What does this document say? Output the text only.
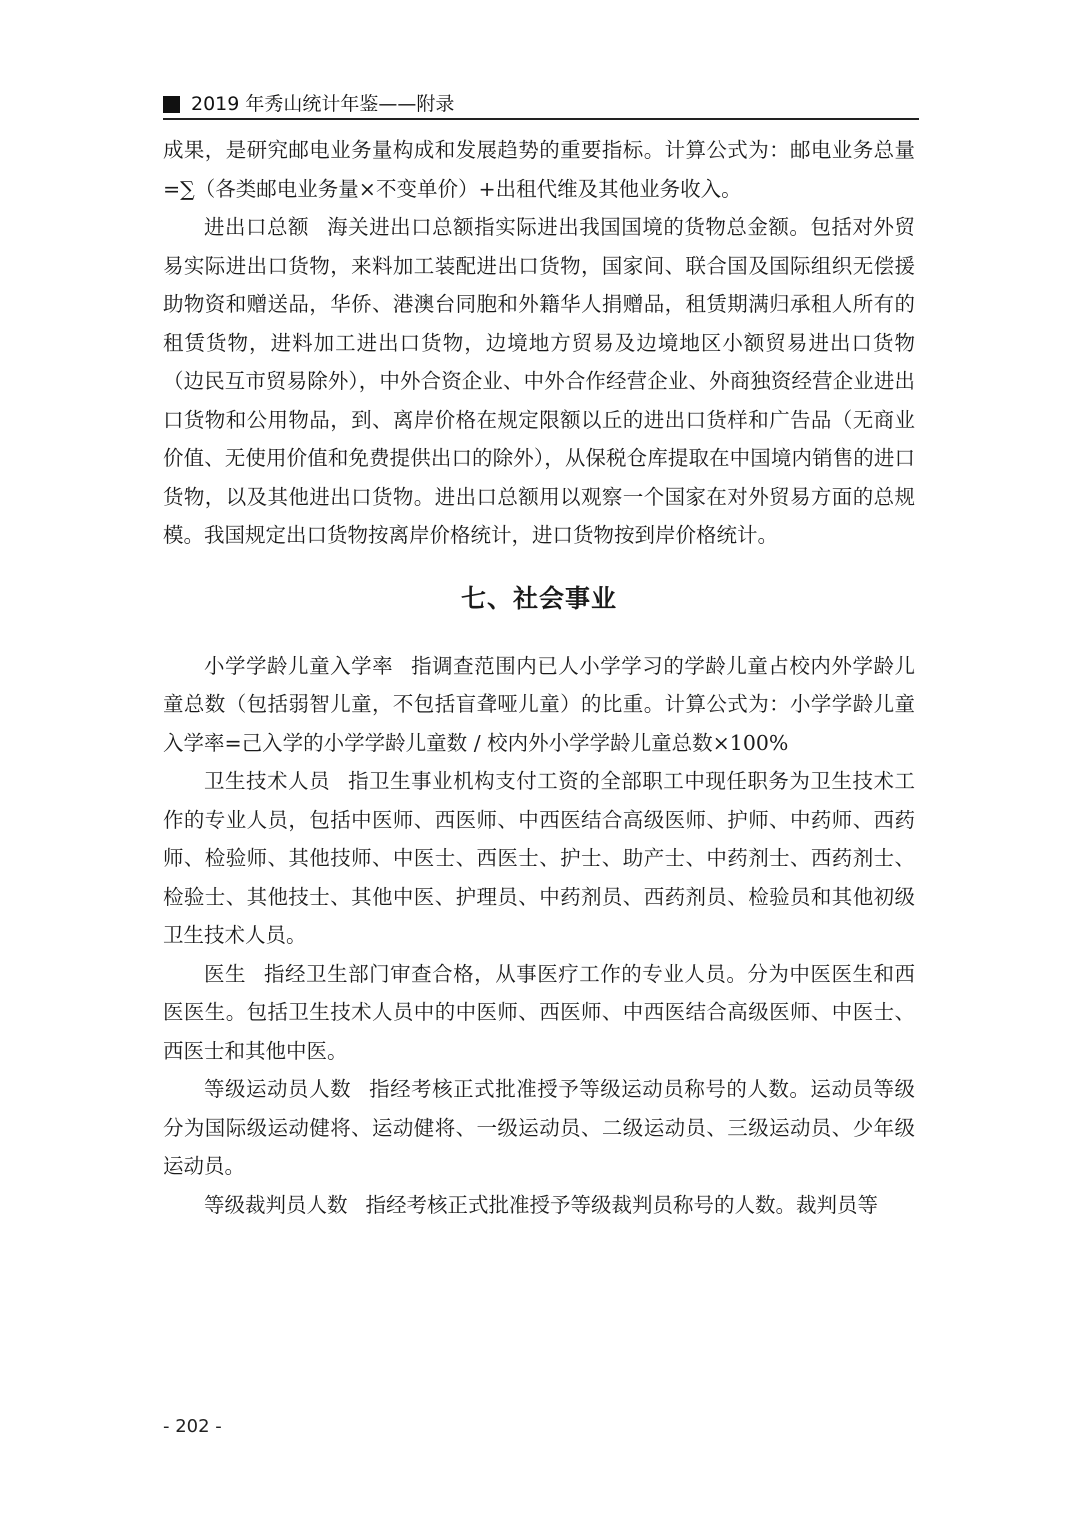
2019 年秀山统计年鉴——附录

成果，是研究邮电业务量构成和发展趋势的重要指标。计算公式为：邮电业务总量=∑（各类邮电业务量×不变单价）+出租代维及其他业务收入。

进出口总额 海关进出口总额指实际进出我国国境的货物总金额。包括对外贸易实际进出口货物，来料加工装配进出口货物，国家间、联合国及国际组织无偿援助物资和赠送品，华侨、港澳台同胞和外籍华人捐赠品，租赁期满归承租人所有的租赁货物，进料加工进出口货物，边境地方贸易及边境地区小额贸易进出口货物（边民互市贸易除外），中外合资企业、中外合作经营企业、外商独资经营企业进出口货物和公用物品，到、离岸价格在规定限额以丘的进出口货样和广告品（无商业价值、无使用价值和免费提供出口的除外），从保税仓库提取在中国境内销售的进口货物，以及其他进出口货物。进出口总额用以观察一个国家在对外贸易方面的总规模。我国规定出口货物按离岸价格统计，进口货物按到岸价格统计。

七、社会事业

小学学龄儿童入学率 指调查范围内已人小学学习的学龄儿童占校内外学龄儿童总数（包括弱智儿童，不包括盲聋哑儿童）的比重。计算公式为：小学学龄儿童入学率=己入学的小学学龄儿童数 / 校内外小学学龄儿童总数×100%

卫生技术人员 指卫生事业机构支付工资的全部职工中现任职务为卫生技术工作的专业人员，包括中医师、西医师、中西医结合高级医师、护师、中药师、西药师、检验师、其他技师、中医士、西医士、护士、助产士、中药剂士、西药剂士、检验士、其他技士、其他中医、护理员、中药剂员、西药剂员、检验员和其他初级卫生技术人员。

医生 指经卫生部门审查合格，从事医疗工作的专业人员。分为中医医生和西医医生。包括卫生技术人员中的中医师、西医师、中西医结合高级医师、中医士、西医士和其他中医。

等级运动员人数 指经考核正式批准授予等级运动员称号的人数。运动员等级分为国际级运动健将、运动健将、一级运动员、二级运动员、三级运动员、少年级运动员。

等级裁判员人数 指经考核正式批准授予等级裁判员称号的人数。裁判员等

- 202 -
